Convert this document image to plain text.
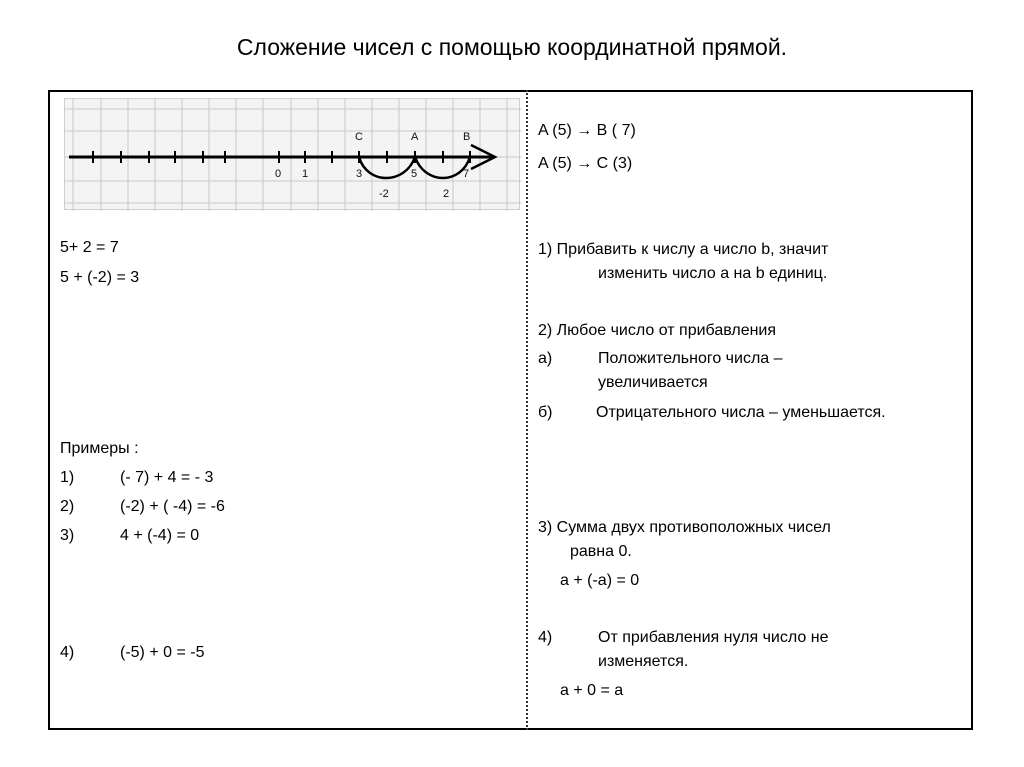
Сложение чисел с помощью координатной прямой.
C	A	B
0 1	3	5	7
-2	2
5+ 2 = 7
5 + (-2) = 3
Примеры :
1)	(- 7) + 4 = - 3
2)	(-2) + ( -4) = -6
3)	4 + (-4) = 0
4)	(-5) + 0 = -5
A (5) → B ( 7)
A (5) → C (3)
1) Прибавить к числу a число b, значит
изменить число a на b единиц.
2) Любое число от прибавления
а)	Положительного числа –
увеличивается
б)	Отрицательного числа – уменьшается.
3) Сумма двух противоположных чисел
равна 0.
a + (-a) = 0
4)	От прибавления нуля число не
изменяется.
a + 0 = a
